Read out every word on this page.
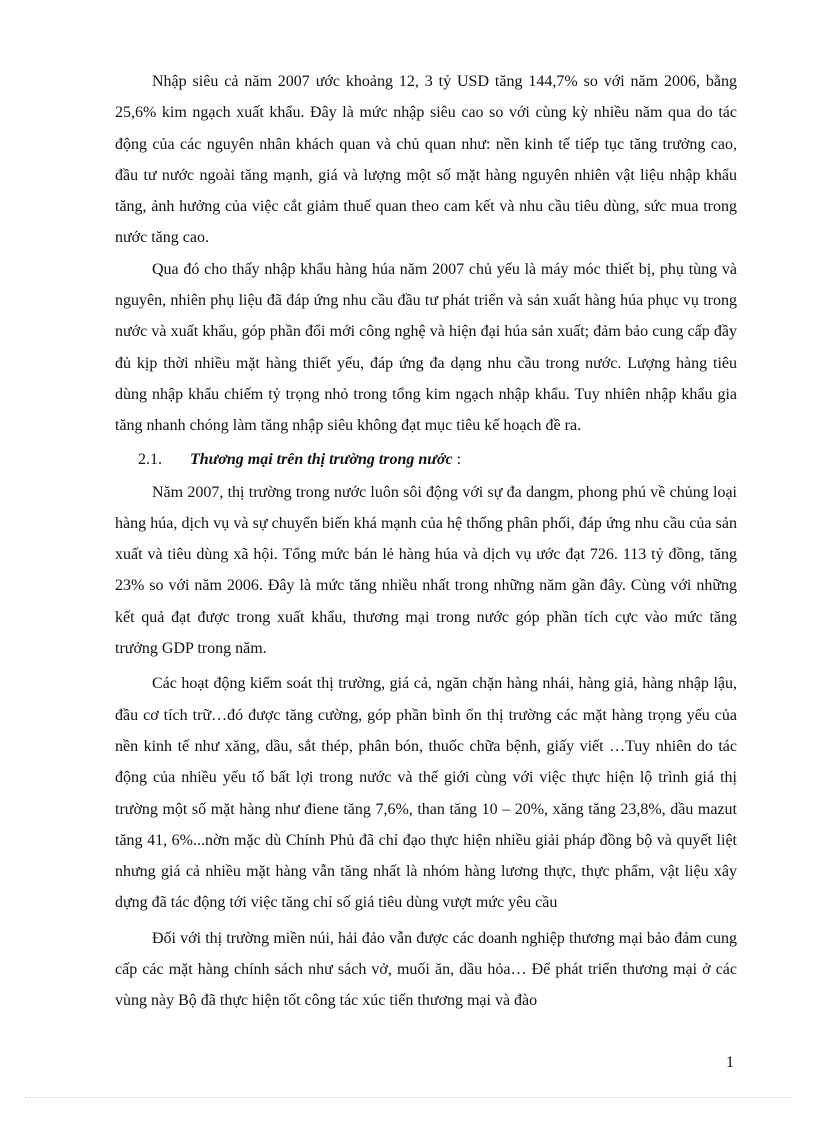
Nhập siêu cả năm 2007 ước khoảng 12, 3 tỷ USD tăng 144,7% so với năm 2006, bằng 25,6% kim ngạch xuất khẩu. Đây là mức nhập siêu cao so với cùng kỳ nhiều năm qua do tác động của các nguyên nhân khách quan và chủ quan như: nền kinh tế tiếp tục tăng trưởng cao, đầu tư nước ngoài tăng mạnh, giá và lượng một số mặt hàng nguyên nhiên vật liệu nhập khẩu tăng, ảnh hưởng của việc cắt giảm thuế quan theo cam kết và nhu cầu tiêu dùng, sức mua trong nước tăng cao.

Qua đó cho thấy nhập khẩu hàng húa năm 2007 chủ yếu là máy móc thiết bị, phụ tùng và nguyên, nhiên phụ liệu đã đáp ứng nhu cầu đầu tư phát triển và sản xuất hàng húa phục vụ trong nước và xuất khẩu, góp phần đổi mới công nghệ và hiện đại húa sản xuất; đảm bảo cung cấp đầy đủ kịp thời nhiều mặt hàng thiết yếu, đáp ứng đa dạng nhu cầu trong nước. Lượng hàng tiêu dùng nhập khẩu chiếm tỷ trọng nhỏ trong tổng kim ngạch nhập khẩu. Tuy nhiên nhập khẩu gia tăng nhanh chóng làm tăng nhập siêu không đạt mục tiêu kế hoạch đề ra.

2.1. Thương mại trên thị trường trong nước :

Năm 2007, thị trường trong nước luôn sôi động với sự đa dangm, phong phú về chủng loại hàng húa, dịch vụ và sự chuyển biến khá mạnh của hệ thống phân phối, đáp ứng nhu cầu của sản xuất và tiêu dùng xã hội. Tổng mức bán lẻ hàng húa và dịch vụ ước đạt 726. 113 tỷ đồng, tăng 23% so với năm 2006. Đây là mức tăng nhiều nhất trong những năm gần đây. Cùng với những kết quả đạt được trong xuất khẩu, thương mại trong nước góp phần tích cực vào mức tăng trưởng GDP trong năm.

Các hoạt động kiểm soát thị trường, giá cả, ngăn chặn hàng nhái, hàng giả, hàng nhập lậu, đầu cơ tích trữ…đó được tăng cường, góp phần bình ổn thị trường các mặt hàng trọng yếu của nền kinh tế như xăng, dầu, sắt thép, phân bón, thuốc chữa bệnh, giấy viết …Tuy nhiên do tác động của nhiều yếu tố bất lợi trong nước và thế giới cùng với việc thực hiện lộ trình giá thị trường một số mặt hàng như điene tăng 7,6%, than tăng 10 – 20%, xăng tăng 23,8%, dầu mazut tăng 41, 6%...nờn mặc dù Chính Phủ đã chỉ đạo thực hiện nhiều giải pháp đồng bộ và quyết liệt nhưng giá cả nhiều mặt hàng vẫn tăng nhất là nhóm hàng lương thực, thực phẩm, vật liệu xây dựng đã tác động tới việc tăng chỉ số giá tiêu dùng vượt mức yêu cầu

Đối với thị trường miền núi, hải đảo vẫn được các doanh nghiệp thương mại bảo đảm cung cấp các mặt hàng chính sách như sách vở, muối ăn, dầu hỏa… Để phát triển thương mại ở các vùng này Bộ đã thực hiện tốt công tác xúc tiến thương mại và đào

1
